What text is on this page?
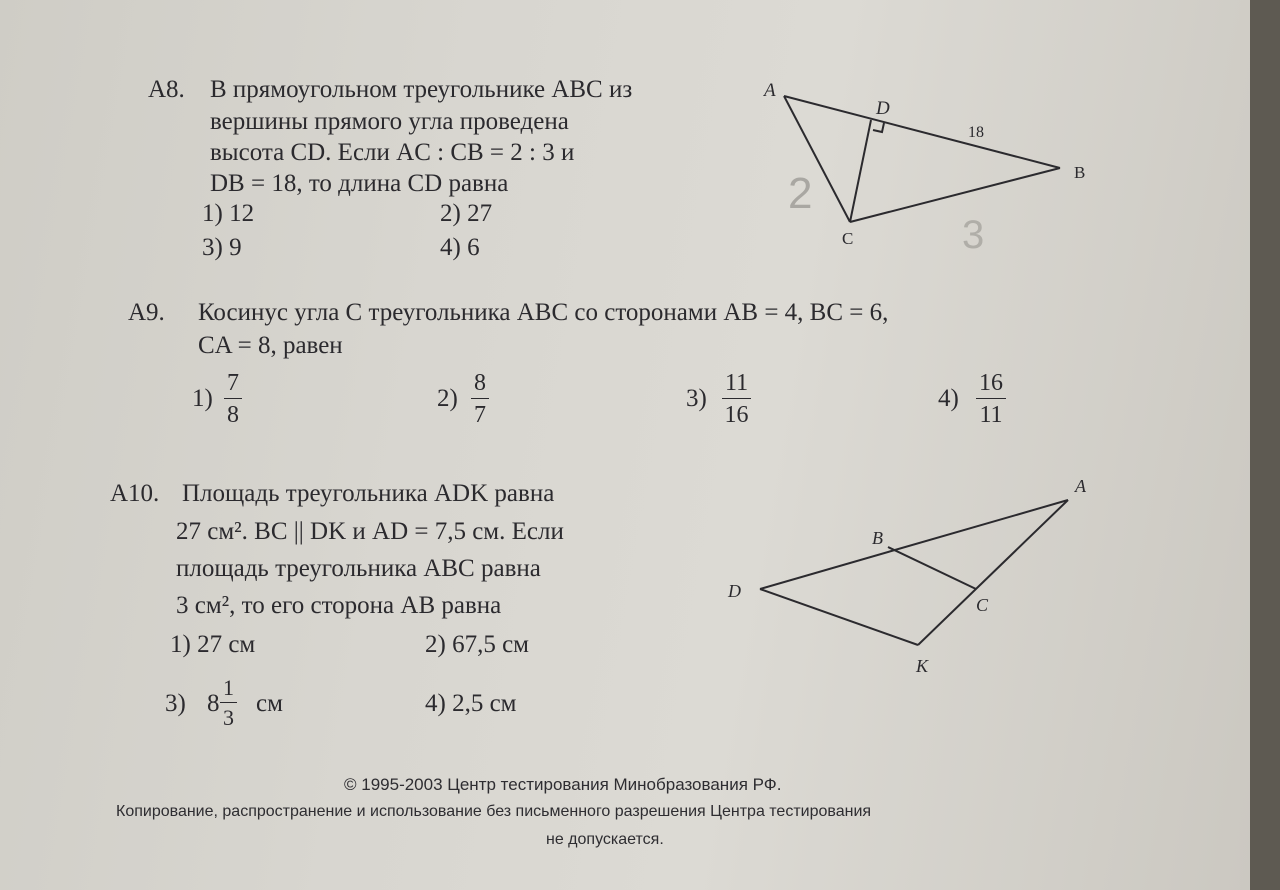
A8. В прямоугольном треугольнике ABC из
вершины прямого угла проведена
высота CD. Если AC : CB = 2 : 3 и
DB = 18, то длина CD равна
1) 12	2) 27
3) 9	4) 6
A
D
18
B
C
2
3
A9. Косинус угла C треугольника ABC со сторонами AB = 4, BC = 6,
CA = 8, равен
$1) \frac{7}{8}$	$2) \frac{8}{7}$	$3) \frac{11}{16}$	$4) \frac{16}{11}$
A10. Площадь треугольника ADK равна
27 см². BC || DK и AD = 7,5 см. Если
площадь треугольника ABC равна
3 см², то его сторона AB равна
1) 27 см	2) 67,5 см
3) $8 \frac{1}{3}$ см	4) 2,5 см
A
B
D
C
K
© 1995-2003 Центр тестирования Минобразования РФ.
Копирование, распространение и использование без письменного разрешения Центра тестирования
не допускается.
